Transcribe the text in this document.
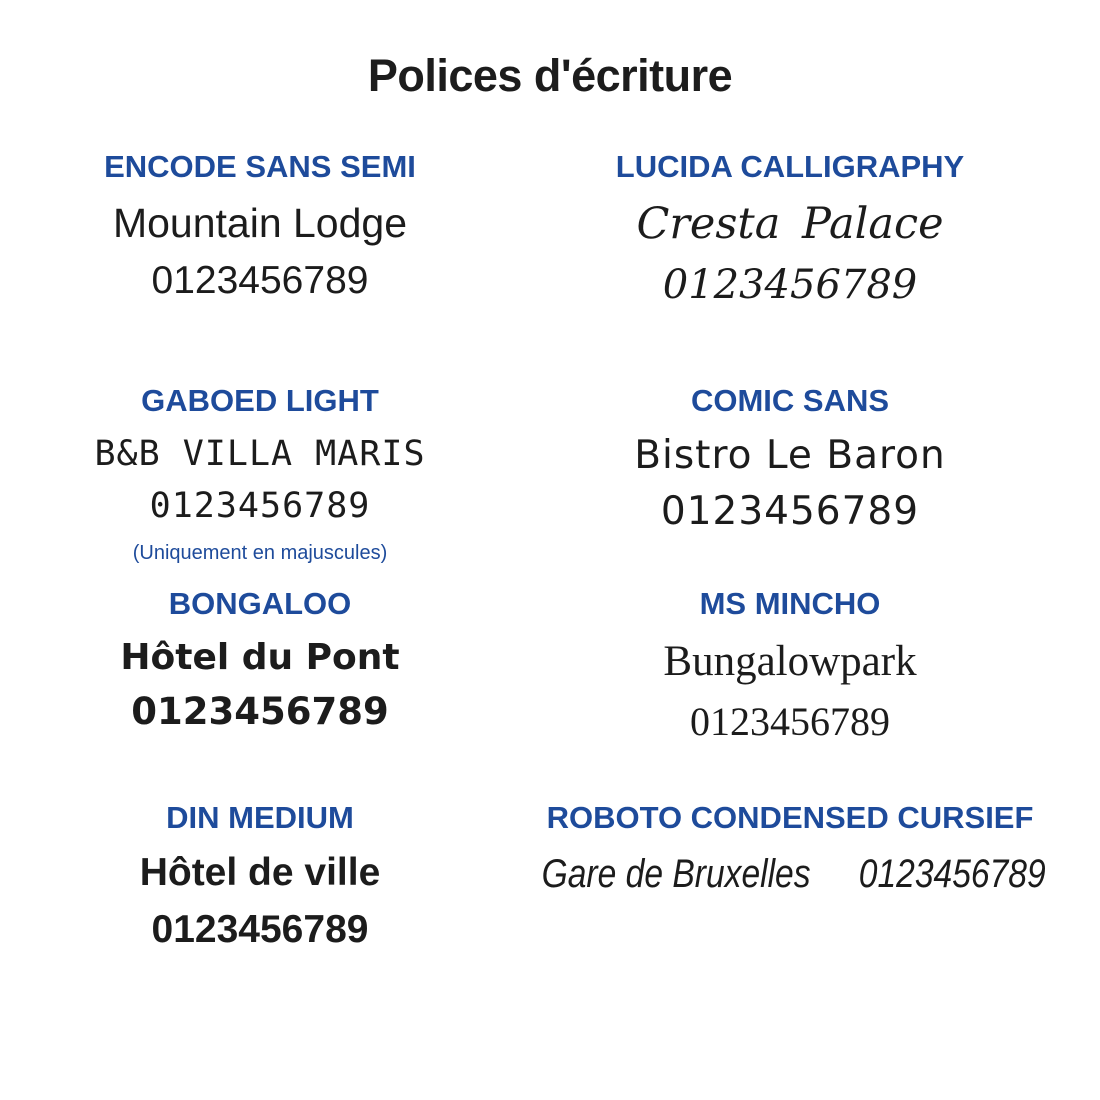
Polices d'écriture
ENCODE SANS SEMI

Mountain Lodge

0123456789

LUCIDA CALLIGRAPHY

Cresta Palace

0123456789

GABOED LIGHT

B&B VILLA MARIS

0123456789

(Uniquement en majuscules)

COMIC SANS

Bistro Le Baron

0123456789

BONGALOO

Hôtel du Pont

0123456789

MS MINCHO

Bungalowpark

0123456789

DIN MEDIUM

Hôtel de ville

0123456789

ROBOTO CONDENSED CURSIEF

Gare de Bruxelles

0123456789
